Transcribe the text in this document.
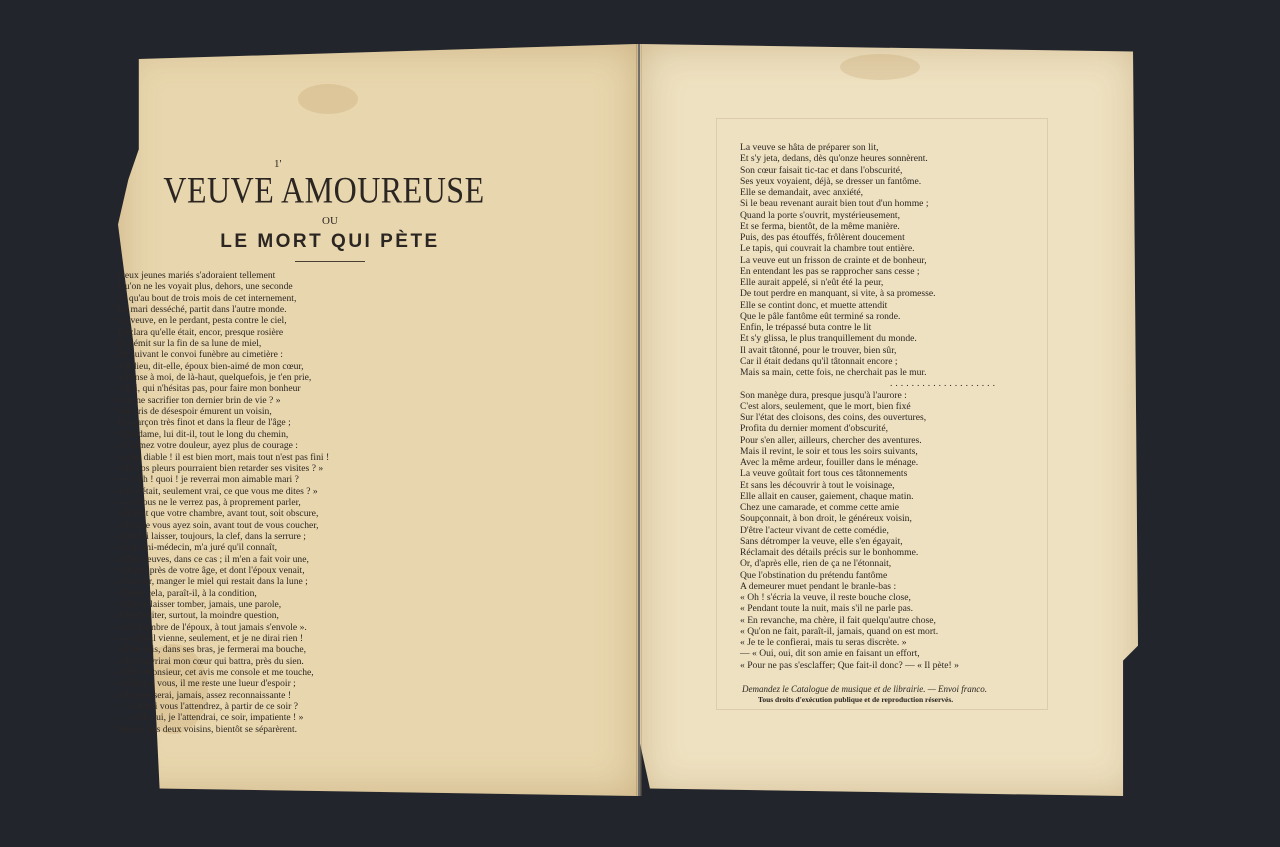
1'
VEUVE AMOUREUSE
OU
LE MORT QUI PÈTE
Deux jeunes mariés s'adoraient tellement
Qu'on ne les voyait plus, dehors, une seconde
Et qu'au bout de trois mois de cet internement,
Le mari desséché, partit dans l'autre monde.
La veuve, en le perdant, pesta contre le ciel,
Déclara qu'elle était, encor, presque rosière
Et gémit sur la fin de sa lune de miel,
En suivant le convoi funèbre au cimetière :
« Adieu, dit-elle, époux bien-aimé de mon cœur,
« Pense à moi, de là-haut, quelquefois, je t'en prie,
« Toi, qui n'hésitas pas, pour faire mon bonheur
« A me sacrifier ton dernier brin de vie ? »
Ses cris de désespoir émurent un voisin,
Un garçon très finot et dans la fleur de l'âge ;
« Madame, lui dit-il, tout le long du chemin,
« Calmez votre douleur, ayez plus de courage :
« Que diable ! il est bien mort, mais tout n'est pas fini !
« Et vos pleurs pourraient bien retarder ses visites ? »
— « Eh ! quoi ! je reverrai mon aimable mari ?
« Si c'était, seulement vrai, ce que vous me dites ? »
— « Vous ne le verrez pas, à proprement parler,
« Il faut que votre chambre, avant tout, soit obscure,
« Et que vous ayez soin, avant tout de vous coucher,
« De lui laisser, toujours, la clef, dans la serrure ;
« Un ami-médecin, m'a juré qu'il connaît,
« Des veuves, dans ce cas ; il m'en a fait voir une,
« A peu près de votre âge, et dont l'époux venait,
« Le soir, manger le miel qui restait dans la lune ;
« Mais cela, paraît-il, à la condition,
« De ne laisser tomber, jamais, une parole,
« Et d'éviter, surtout, la moindre question,
« Ou l'ombre de l'époux, à tout jamais s'envole ».
— « Qu'il vienne, seulement, et je ne dirai rien !
« Une fois, dans ses bras, je fermerai ma bouche,
« Et j'ouvrirai mon cœur qui battra, près du sien.
« Oh ! monsieur, cet avis me console et me touche,
« Grâce à vous, il me reste une lueur d'espoir ;
« Je n'en serai, jamais, assez reconnaissante !
— « Ainsi vous l'attendrez, à partir de ce soir ?
— « Oh oui, je l'attendrai, ce soir, impatiente ! »
Sur ce, nos deux voisins, bientôt se séparèrent.
La veuve se hâta de préparer son lit,
Et s'y jeta, dedans, dès qu'onze heures sonnèrent.
Son cœur faisait tic-tac et dans l'obscurité,
Ses yeux voyaient, déjà, se dresser un fantôme.
Elle se demandait, avec anxiété,
Si le beau revenant aurait bien tout d'un homme ;
Quand la porte s'ouvrit, mystérieusement,
Et se ferma, bientôt, de la même manière.
Puis, des pas étouffés, frôlèrent doucement
Le tapis, qui couvrait la chambre tout entière.
La veuve eut un frisson de crainte et de bonheur,
En entendant les pas se rapprocher sans cesse ;
Elle aurait appelé, si n'eût été la peur,
De tout perdre en manquant, si vite, à sa promesse.
Elle se contint donc, et muette attendit
Que le pâle fantôme eût terminé sa ronde.
Enfin, le trépassé buta contre le lit
Et s'y glissa, le plus tranquillement du monde.
Il avait tâtonné, pour le trouver, bien sûr,
Car il était dedans qu'il tâtonnait encore ;
Mais sa main, cette fois, ne cherchait pas le mur.
....................
Son manège dura, presque jusqu'à l'aurore :
C'est alors, seulement, que le mort, bien fixé
Sur l'état des cloisons, des coins, des ouvertures,
Profita du dernier moment d'obscurité,
Pour s'en aller, ailleurs, chercher des aventures.
Mais il revint, le soir et tous les soirs suivants,
Avec la même ardeur, fouiller dans le ménage.
La veuve goûtait fort tous ces tâtonnements
Et sans les découvrir à tout le voisinage,
Elle allait en causer, gaiement, chaque matin.
Chez une camarade, et comme cette amie
Soupçonnait, à bon droit, le généreux voisin,
D'être l'acteur vivant de cette comédie,
Sans détromper la veuve, elle s'en égayait,
Réclamait des détails précis sur le bonhomme.
Or, d'après elle, rien de ça ne l'étonnait,
Que l'obstination du prétendu fantôme
A demeurer muet pendant le branle-bas :
« Oh ! s'écria la veuve, il reste bouche close,
« Pendant toute la nuit, mais s'il ne parle pas.
« En revanche, ma chère, il fait quelqu'autre chose,
« Qu'on ne fait, paraît-il, jamais, quand on est mort.
« Je te le confierai, mais tu seras discrète. »
— « Oui, oui, dit son amie en faisant un effort,
« Pour ne pas s'esclaffer; Que fait-il donc? — « Il pète! »
Demandez le Catalogue de musique et de librairie. — Envoi franco.
Tous droits d'exécution publique et de reproduction réservés.
